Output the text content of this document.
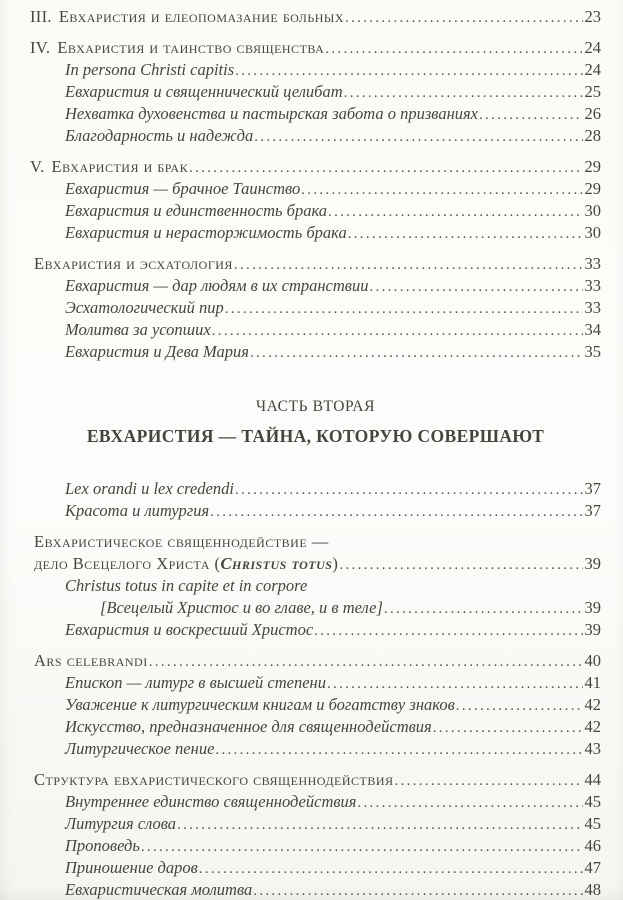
III. Евхаристия и елеопомазание больных .....	23
IV. Евхаристия и таинство священства .....	24
In persona Christi capitis .....	24
Евхаристия и священнический целибат .....	25
Нехватка духовенства и пастырская забота о призваниях .....	26
Благодарность и надежда .....	28
V. Евхаристия и брак .....	29
Евхаристия — брачное Таинство .....	29
Евхаристия и единственность брака .....	30
Евхаристия и нерасторжимость брака .....	30
Евхаристия и эсхатология .....	33
Евхаристия — дар людям в их странствии .....	33
Эсхатологический пир .....	33
Молитва за усопших .....	34
Евхаристия и Дева Мария .....	35
ЧАСТЬ ВТОРАЯ
ЕВХАРИСТИЯ — ТАЙНА, КОТОРУЮ СОВЕРШАЮТ
Lex orandi и lex credendi .....	37
Красота и литургия .....	37
Евхаристическое священнодействие —
дело Всецелого Христа (Christus totus) .....	39
Christus totus in capite et in corpore
[Всецелый Христос и во главе, и в теле] .....	39
Евхаристия и воскресший Христос .....	39
Ars celebrandi .....	40
Епископ — литург в высшей степени .....	41
Уважение к литургическим книгам и богатству знаков .....	42
Искусство, предназначенное для священнодействия .....	42
Литургическое пение .....	43
Структура евхаристического священнодействия .....	44
Внутреннее единство священнодействия .....	45
Литургия слова .....	45
Проповедь .....	46
Приношение даров .....	47
Евхаристическая молитва .....	48
